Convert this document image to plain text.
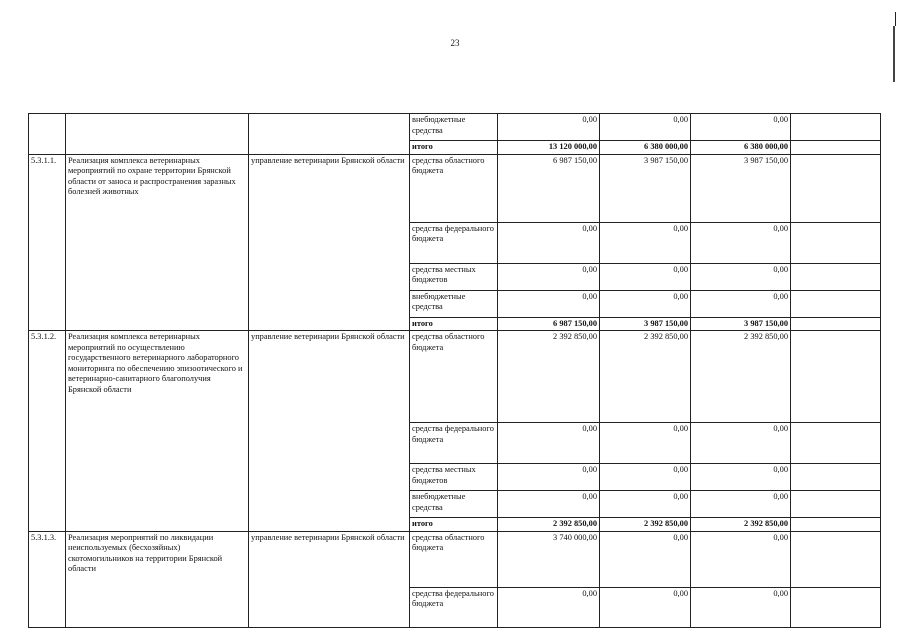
23
			внебюджетные средства	0,00	0,00	0,00	
			итого	13 120 000,00	6 380 000,00	6 380 000,00	
5.3.1.1.	Реализация комплекса ветеринарных мероприятий по охране территории Брянской области от заноса и распространения заразных болезней животных	управление ветеринарии Брянской области	средства областного бюджета	6 987 150,00	3 987 150,00	3 987 150,00	
			средства федерального бюджета	0,00	0,00	0,00	
			средства местных бюджетов	0,00	0,00	0,00	
			внебюджетные средства	0,00	0,00	0,00	
			итого	6 987 150,00	3 987 150,00	3 987 150,00	
5.3.1.2.	Реализация комплекса ветеринарных мероприятий по осуществлению государственного ветеринарного лабораторного мониторинга по обеспечению эпизоотического и ветеринарно-санитарного благополучия Брянской области	управление ветеринарии Брянской области	средства областного бюджета	2 392 850,00	2 392 850,00	2 392 850,00	
			средства федерального бюджета	0,00	0,00	0,00	
			средства местных бюджетов	0,00	0,00	0,00	
			внебюджетные средства	0,00	0,00	0,00	
			итого	2 392 850,00	2 392 850,00	2 392 850,00	
5.3.1.3.	Реализация мероприятий по ликвидации неиспользуемых (бесхозяйных) скотомогильников на территории Брянской области	управление ветеринарии Брянской области	средства областного бюджета	3 740 000,00	0,00	0,00	
			средства федерального бюджета	0,00	0,00	0,00	
